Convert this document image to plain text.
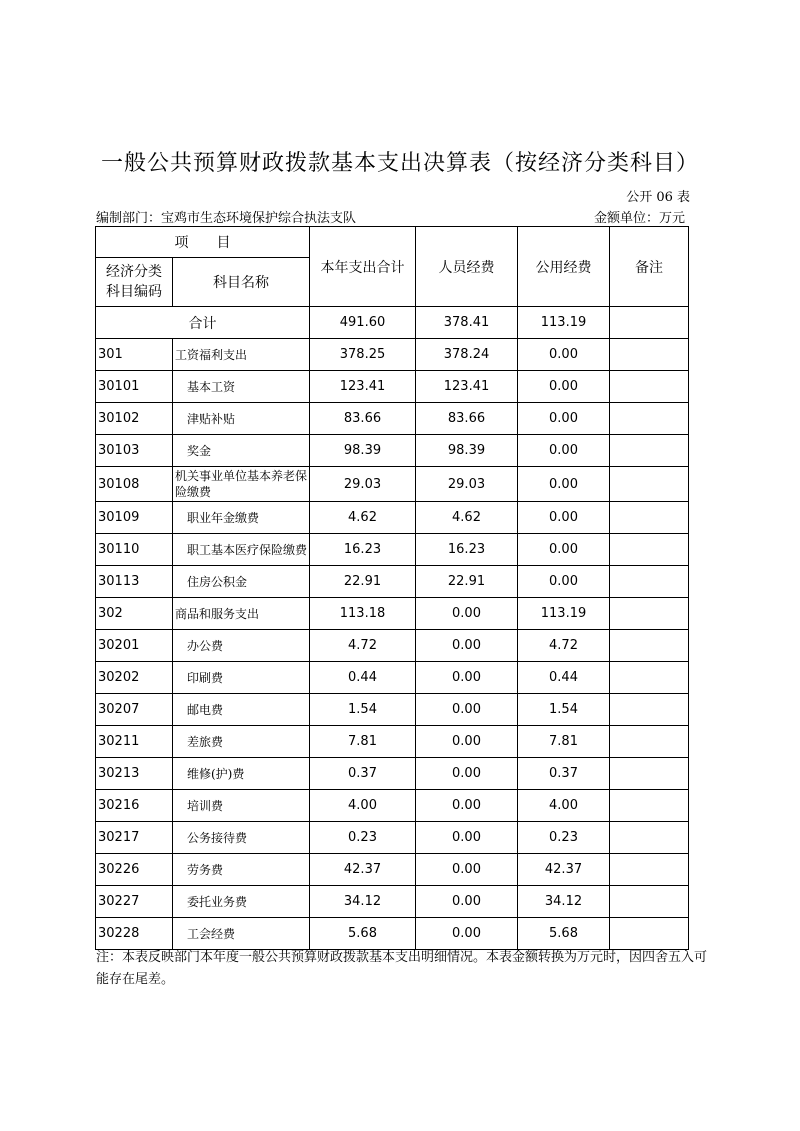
一般公共预算财政拨款基本支出决算表（按经济分类科目）
公开 06 表
编制部门：宝鸡市生态环境保护综合执法支队	金额单位：万元
项　　目		本年支出合计	人员经费	公用经费	备注
经济分类科目编码	科目名称				
合计		491.60	378.41	113.19	
301	工资福利支出	378.25	378.24	0.00	
30101	基本工资	123.41	123.41	0.00	
30102	津贴补贴	83.66	83.66	0.00	
30103	奖金	98.39	98.39	0.00	
30108	机关事业单位基本养老保险缴费	29.03	29.03	0.00	
30109	职业年金缴费	4.62	4.62	0.00	
30110	职工基本医疗保险缴费	16.23	16.23	0.00	
30113	住房公积金	22.91	22.91	0.00	
302	商品和服务支出	113.18	0.00	113.19	
30201	办公费	4.72	0.00	4.72	
30202	印刷费	0.44	0.00	0.44	
30207	邮电费	1.54	0.00	1.54	
30211	差旅费	7.81	0.00	7.81	
30213	维修(护)费	0.37	0.00	0.37	
30216	培训费	4.00	0.00	4.00	
30217	公务接待费	0.23	0.00	0.23	
30226	劳务费	42.37	0.00	42.37	
30227	委托业务费	34.12	0.00	34.12	
30228	工会经费	5.68	0.00	5.68	
注：本表反映部门本年度一般公共预算财政拨款基本支出明细情况。本表金额转换为万元时，因四舍五入可能存在尾差。
